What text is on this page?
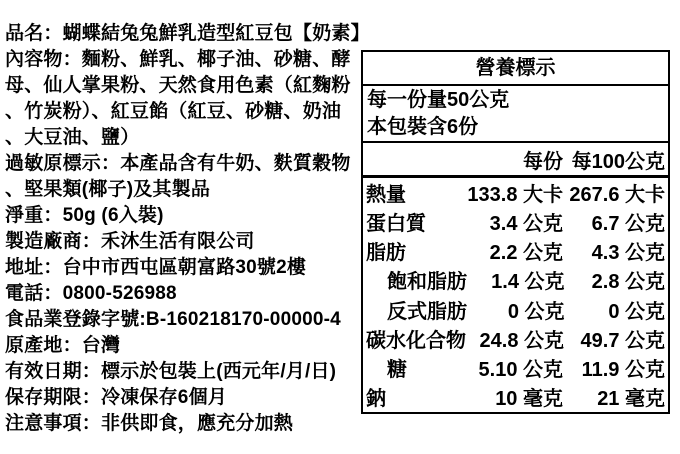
品名：蝴蝶結兔兔鮮乳造型紅豆包【奶素】
內容物：麵粉、鮮乳、椰子油、砂糖、酵
母、仙人掌果粉、天然食用色素（紅麴粉
、竹炭粉）、紅豆餡（紅豆、砂糖、奶油
、大豆油、鹽）
過敏原標示：本產品含有牛奶、麩質穀物
、堅果類(椰子)及其製品
淨重：50g (6入裝)
製造廠商：禾沐生活有限公司
地址：台中市西屯區朝富路30號2樓
電話：0800-526988
食品業登錄字號:B-160218170-00000-4
原產地：台灣
有效日期：標示於包裝上(西元年/月/日)
保存期限：冷凍保存6個月
注意事項：非供即食，應充分加熱
營養標示
每一份量50公克
本包裝含6份
每份 每100公克
熱量	133.8 大卡 267.6 大卡
蛋白質	3.4 公克	6.7 公克
脂肪	2.2 公克	4.3 公克
飽和脂肪	1.4 公克	2.8 公克
反式脂肪	0 公克	0 公克
碳水化合物 24.8 公克 49.7 公克
糖	5.10 公克 11.9 公克
鈉	10 毫克	21 毫克
